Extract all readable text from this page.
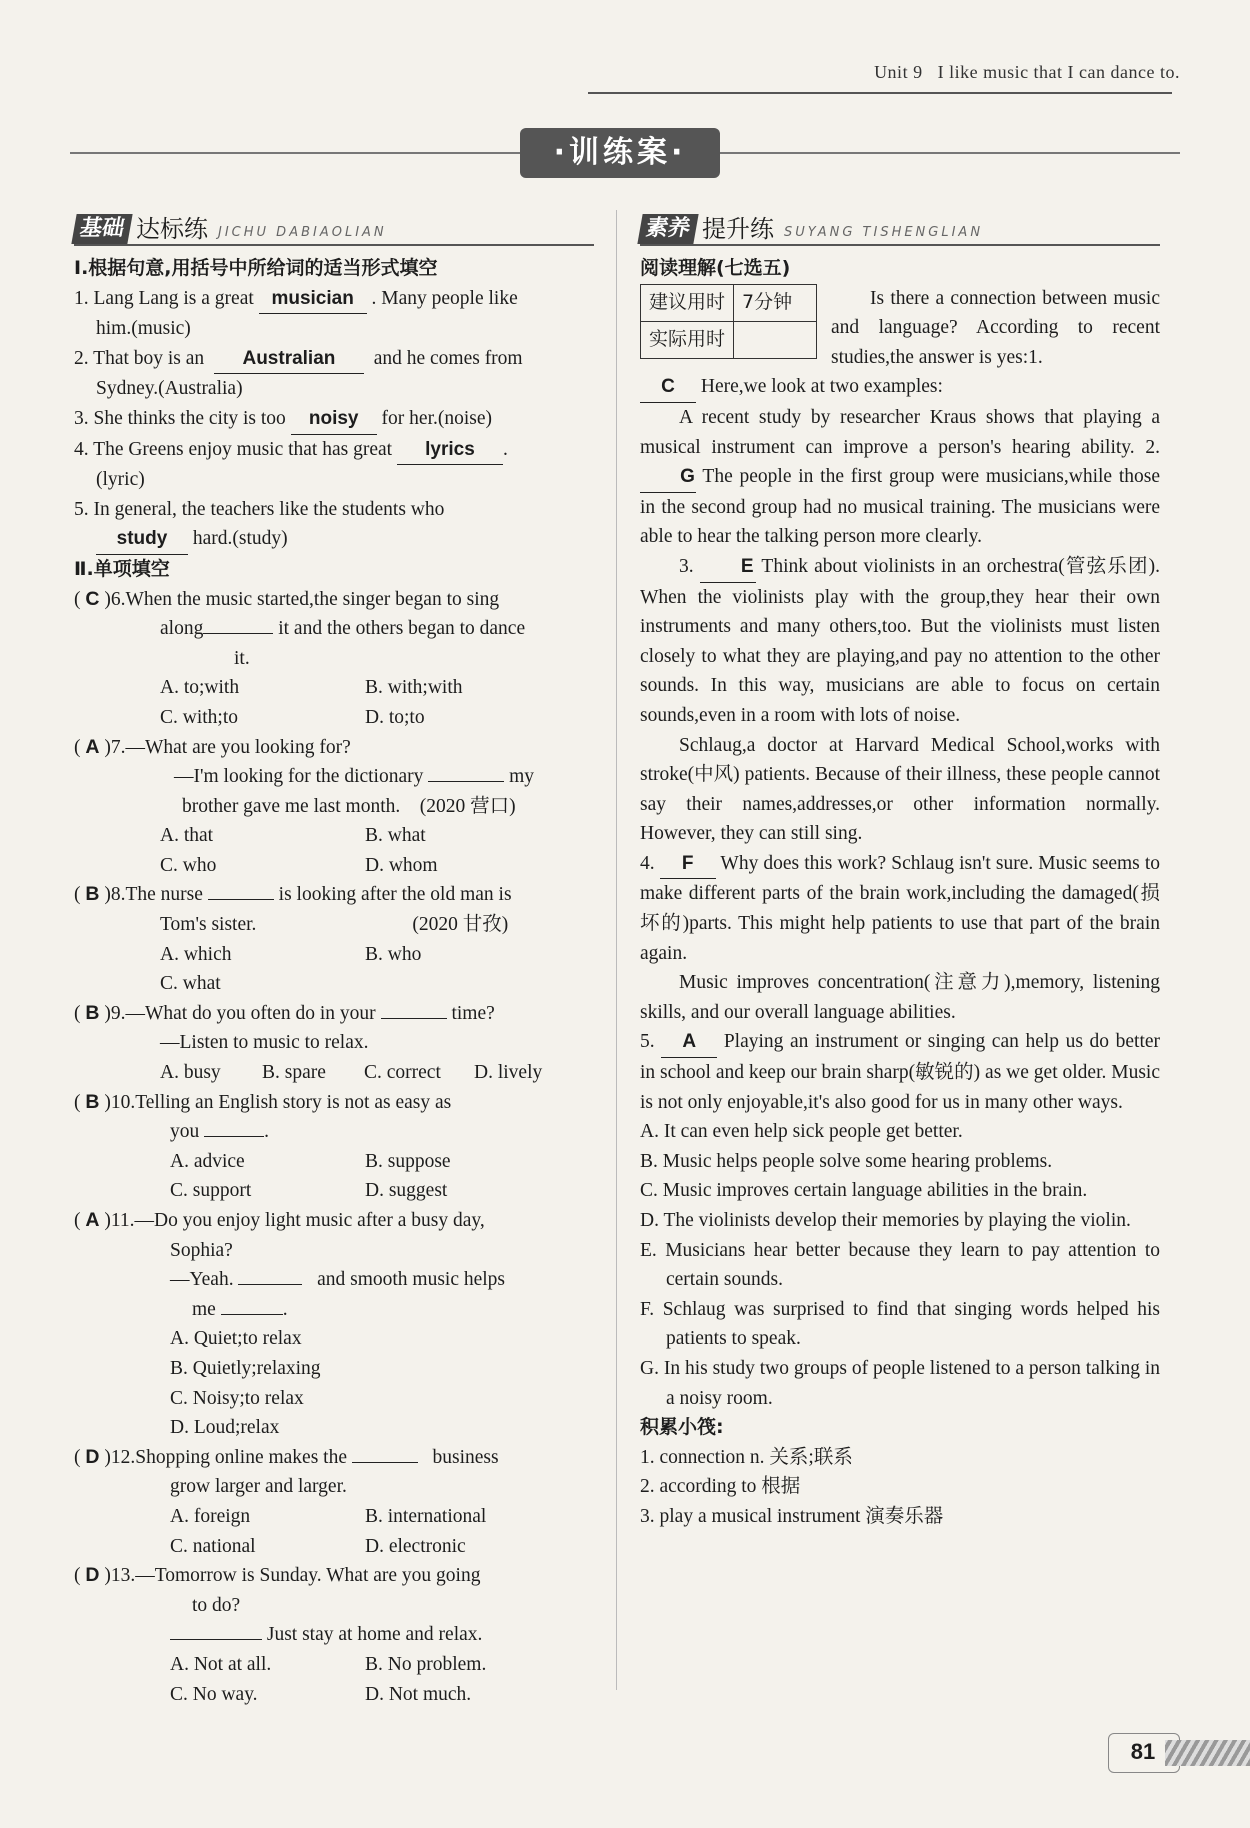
Unit 9 I like music that I can dance to.
·训练案·
基础 达标练 JICHU DABIAOLIAN
Ⅰ.根据句意,用括号中所给词的适当形式填空
1. Lang Lang is a great musician . Many people like
him.(music)
2. That boy is an Australian and he comes from
Sydney.(Australia)
3. She thinks the city is too noisy for her.(noise)
4. The Greens enjoy music that has great lyrics .
(lyric)
5. In general, the teachers like the students who
study hard.(study)
Ⅱ.单项填空
( C )6.When the music started,the singer began to sing
along	it and the others began to dance
it.
A. to;with	B. with;with
C. with;to	D. to;to
( A )7.—What are you looking for?
—I'm looking for the dictionary	my
brother gave me last month. (2020 营口)
A. that	B. what
C. who	D. whom
( B )8.The nurse	is looking after the old man is
Tom's sister.	(2020 甘孜)
A. which	B. who
C. what
( B )9.—What do you often do in your	time?
—Listen to music to relax.
A. busy	B. spare	C. correct	D. lively
( B )10.Telling an English story is not as easy as
you	.
A. advice	B. suppose
C. support	D. suggest
( A )11.—Do you enjoy light music after a busy day,
Sophia?
—Yeah.	and smooth music helps
me	.
A. Quiet;to relax
B. Quietly;relaxing
C. Noisy;to relax
D. Loud;relax
( D )12.Shopping online makes the	business
grow larger and larger.
A. foreign	B. international
C. national	D. electronic
( D )13.—Tomorrow is Sunday. What are you going
to do?
Just stay at home and relax.
A. Not at all.	B. No problem.
C. No way.	D. Not much.
素养 提升练 SUYANG TISHENGLIAN
阅读理解(七选五)
建议用时	7分钟
实际用时	
Is there a connection between music and language? According to recent studies,the answer is yes:1.
C Here,we look at two examples:
A recent study by researcher Kraus shows that playing a musical instrument can improve a person's hearing ability. 2. G The people in the first group were musicians,while those in the second group had no musical training. The musicians were able to hear the talking person more clearly.
3. E Think about violinists in an orchestra(管弦乐团). When the violinists play with the group,they hear their own instruments and many others,too. But the violinists must listen closely to what they are playing,and pay no attention to the other sounds. In this way, musicians are able to focus on certain sounds,even in a room with lots of noise.
Schlaug,a doctor at Harvard Medical School,works with stroke(中风) patients. Because of their illness, these people cannot say their names,addresses,or other information normally. However, they can still sing.
4. F Why does this work? Schlaug isn't sure. Music seems to make different parts of the brain work,including the damaged(损坏的)parts. This might help patients to use that part of the brain again.
Music improves concentration(注意力),memory, listening skills, and our overall language abilities.
5. A Playing an instrument or singing can help us do better in school and keep our brain sharp(敏锐的) as we get older. Music is not only enjoyable,it's also good for us in many other ways.
A. It can even help sick people get better.
B. Music helps people solve some hearing problems.
C. Music improves certain language abilities in the brain.
D. The violinists develop their memories by playing the violin.
E. Musicians hear better because they learn to pay attention to certain sounds.
F. Schlaug was surprised to find that singing words helped his patients to speak.
G. In his study two groups of people listened to a person talking in a noisy room.
积累小筏:
1. connection n. 关系;联系
2. according to 根据
3. play a musical instrument 演奏乐器
81
